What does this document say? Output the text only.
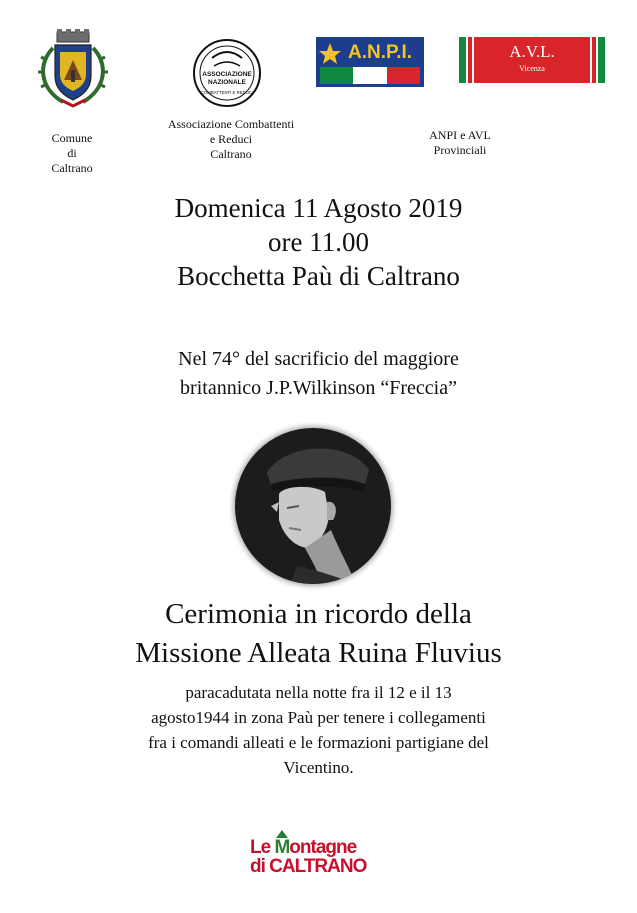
Comune
di
Caltrano
ASSOCIAZIONE
NAZIONALE
COMBATTENTI E REDUCI
Associazione Combattenti
e Reduci
Caltrano
A.N.P.I.	A.V.L.
Vicenza
ANPI e AVL
Provinciali
Domenica 11 Agosto 2019
ore 11.00
Bocchetta Paù di Caltrano
Nel 74° del sacrificio del maggiore
britannico J.P.Wilkinson “Freccia”
Cerimonia in ricordo della
Missione Alleata Ruina Fluvius
paracadutata nella notte fra il 12 e il 13
agosto1944 in zona Paù per tenere i collegamenti
fra i comandi alleati e le formazioni partigiane del
Vicentino.
Le
Montagne
di CALTRANO
